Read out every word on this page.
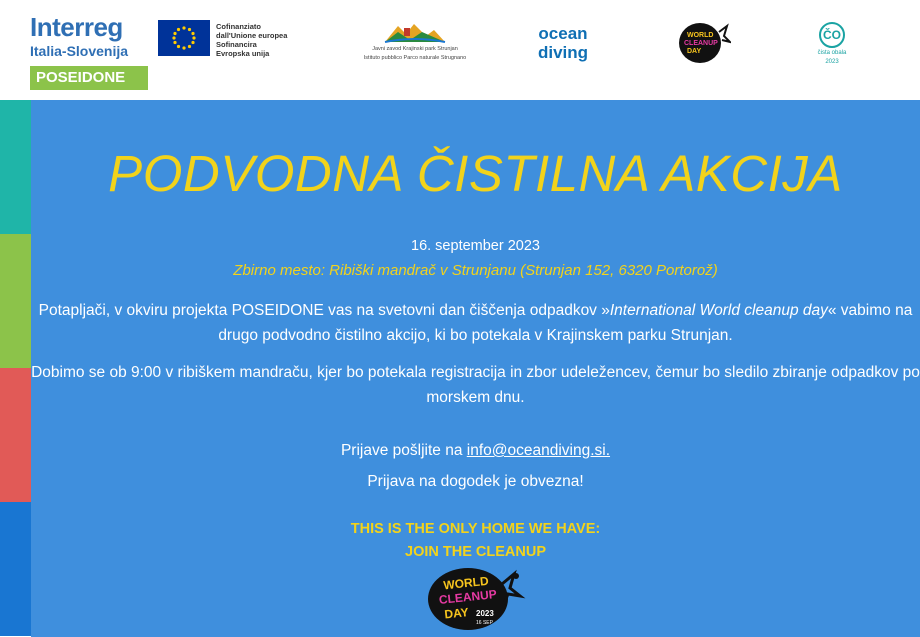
Interreg
Italia-Slovenija
POSEIDONE
Cofinanziato
dall'Unione europea
Sofinancira
Evropska unija	Javni zavod Krajinski park Strunjan
Istituto pubblico Parco naturale Strugnano
ocean
diving
WORLD
CLEANUP
DAY
ČO
čista obala
2023
PODVODNA ČISTILNA AKCIJA
16. september 2023
Zbirno mesto: Ribiški mandrač v Strunjanu (Strunjan 152, 6320 Portorož)
Potapljači, v okviru projekta POSEIDONE vas na svetovni dan čiščenja odpadkov »International World cleanup day« vabimo na drugo podvodno čistilno akcijo, ki bo potekala v Krajinskem parku Strunjan.
Dobimo se ob 9:00 v ribiškem mandraču, kjer bo potekala registracija in zbor udeležencev, čemur bo sledilo zbiranje odpadkov po morskem dnu.
Prijave pošljite na info@oceandiving.si.
Prijava na dogodek je obvezna!
THIS IS THE ONLY HOME WE HAVE:
JOIN THE CLEANUP
WORLD
CLEANUP
DAY 2023
16 SEP
